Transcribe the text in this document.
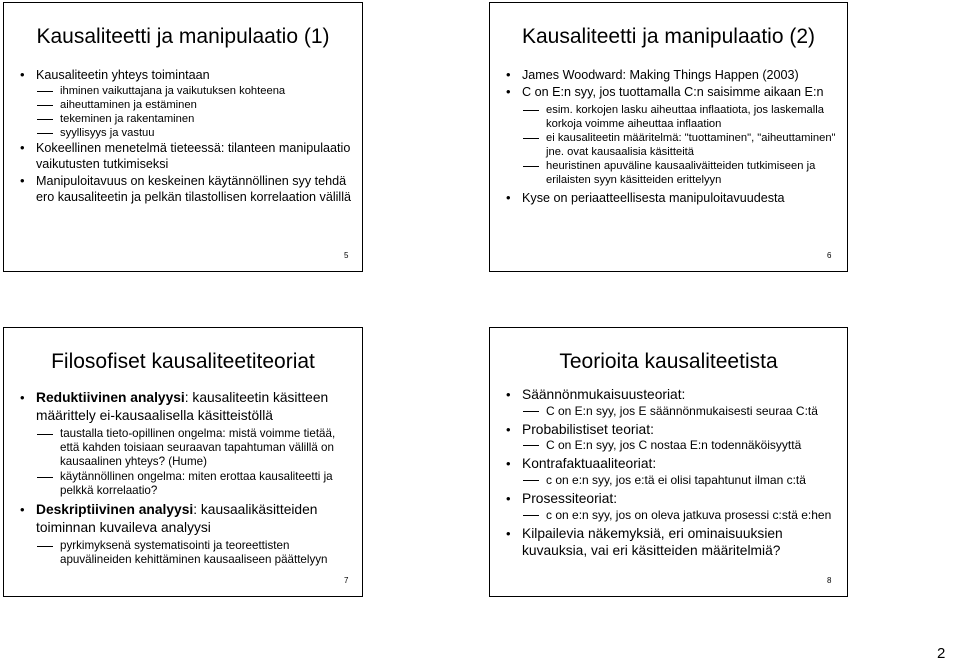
Kausaliteetti ja manipulaatio (1)
• Kausaliteetin yhteys toimintaan
ihminen vaikuttajana ja vaikutuksen kohteena
aiheuttaminen ja estäminen
tekeminen ja rakentaminen
syyllisyys ja vastuu
• Kokeellinen menetelmä tieteessä: tilanteen manipulaatio vaikutusten tutkimiseksi
• Manipuloitavuus on keskeinen käytännöllinen syy tehdä ero kausaliteetin ja pelkän tilastollisen korrelaation välillä
5
Kausaliteetti ja manipulaatio (2)
• James Woodward: Making Things Happen (2003)
• C on E:n syy, jos tuottamalla C:n saisimme aikaan E:n
esim. korkojen lasku aiheuttaa inflaatiota, jos laskemalla korkoja voimme aiheuttaa inflaation
ei kausaliteetin määritelmä: "tuottaminen", "aiheuttaminen" jne. ovat kausaalisia käsitteitä
heuristinen apuväline kausaaliväitteiden tutkimiseen ja erilaisten syyn käsitteiden erittelyyn
• Kyse on periaatteellisesta manipuloitavuudesta
6
Filosofiset kausaliteetiteoriat
• Reduktiivinen analyysi: kausaliteetin käsitteen määrittely ei-kausaalisella käsitteistöllä
taustalla tieto-opillinen ongelma: mistä voimme tietää, että kahden toisiaan seuraavan tapahtuman välillä on kausaalinen yhteys? (Hume)
käytännöllinen ongelma: miten erottaa kausaliteetti ja pelkkä korrelaatio?
• Deskriptiivinen analyysi: kausaalikäsitteiden toiminnan kuvaileva analyysi
pyrkimyksenä systematisointi ja teoreettisten apuvälineiden kehittäminen kausaaliseen päättelyyn
7
Teorioita kausaliteetista
• Säännönmukaisuusteoriat:
C on E:n syy, jos E säännönmukaisesti seuraa C:tä
• Probabilistiset teoriat:
C on E:n syy, jos C nostaa E:n todennäköisyyttä
• Kontrafaktuaaliteoriat:
c on e:n syy, jos e:tä ei olisi tapahtunut ilman c:tä
• Prosessiteoriat:
c on e:n syy, jos on oleva jatkuva prosessi c:stä e:hen
• Kilpailevia näkemyksiä, eri ominaisuuksien kuvauksia, vai eri käsitteiden määritelmiä?
8
2
